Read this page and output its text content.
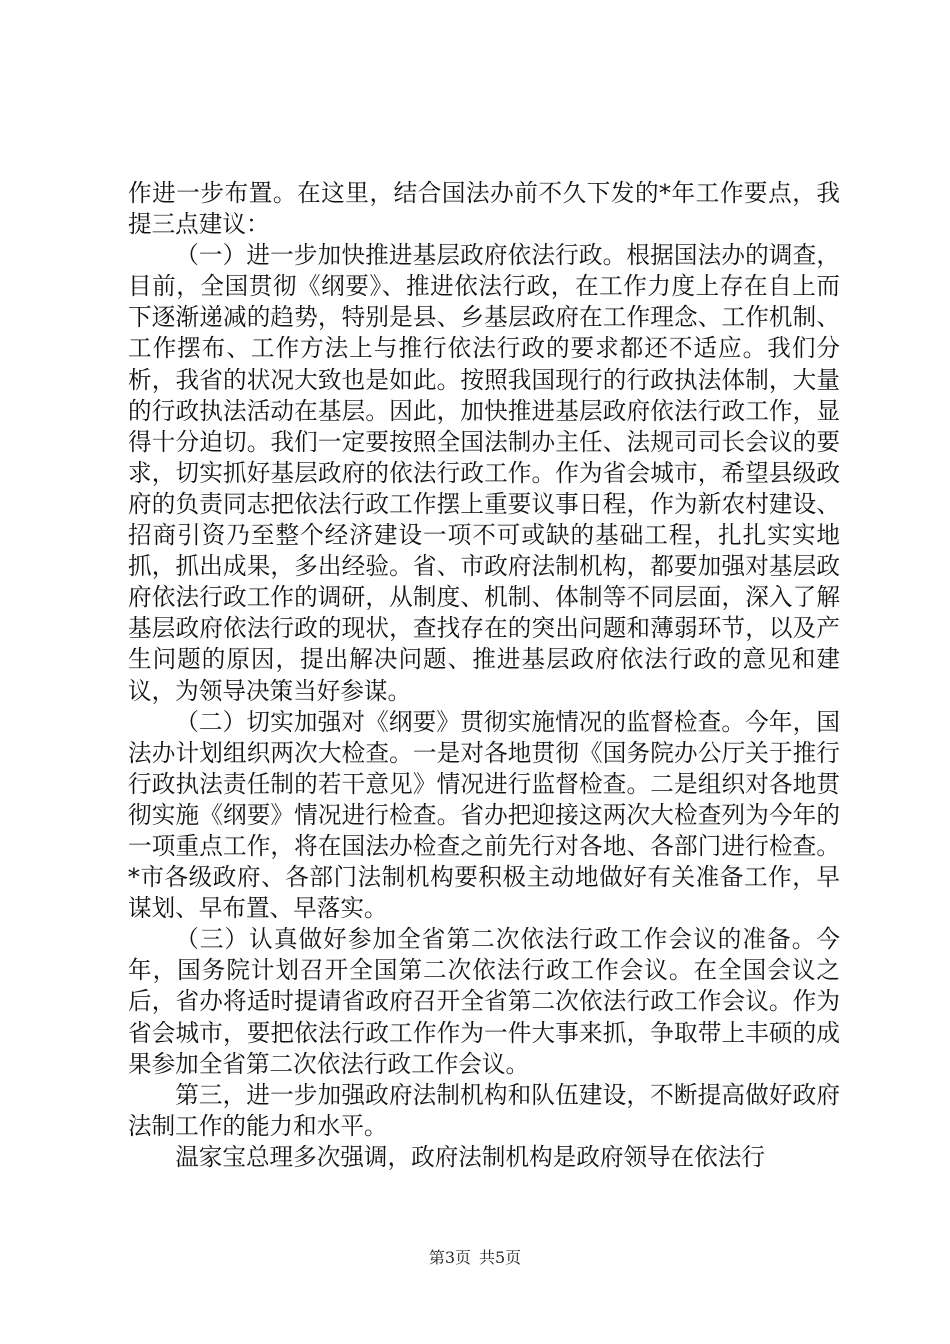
作进一步布置。在这里，结合国法办前不久下发的*年工作要点，我提三点建议：

（一）进一步加快推进基层政府依法行政。根据国法办的调查，目前，全国贯彻《纲要》、推进依法行政，在工作力度上存在自上而下逐渐递减的趋势，特别是县、乡基层政府在工作理念、工作机制、工作摆布、工作方法上与推行依法行政的要求都还不适应。我们分析，我省的状况大致也是如此。按照我国现行的行政执法体制，大量的行政执法活动在基层。因此，加快推进基层政府依法行政工作，显得十分迫切。我们一定要按照全国法制办主任、法规司司长会议的要求，切实抓好基层政府的依法行政工作。作为省会城市，希望县级政府的负责同志把依法行政工作摆上重要议事日程，作为新农村建设、招商引资乃至整个经济建设一项不可或缺的基础工程，扎扎实实地抓，抓出成果，多出经验。省、市政府法制机构，都要加强对基层政府依法行政工作的调研，从制度、机制、体制等不同层面，深入了解基层政府依法行政的现状，查找存在的突出问题和薄弱环节，以及产生问题的原因，提出解决问题、推进基层政府依法行政的意见和建议，为领导决策当好参谋。

（二）切实加强对《纲要》贯彻实施情况的监督检查。今年，国法办计划组织两次大检查。一是对各地贯彻《国务院办公厅关于推行行政执法责任制的若干意见》情况进行监督检查。二是组织对各地贯彻实施《纲要》情况进行检查。省办把迎接这两次大检查列为今年的一项重点工作，将在国法办检查之前先行对各地、各部门进行检查。*市各级政府、各部门法制机构要积极主动地做好有关准备工作，早谋划、早布置、早落实。

（三）认真做好参加全省第二次依法行政工作会议的准备。今年，国务院计划召开全国第二次依法行政工作会议。在全国会议之后，省办将适时提请省政府召开全省第二次依法行政工作会议。作为省会城市，要把依法行政工作作为一件大事来抓，争取带上丰硕的成果参加全省第二次依法行政工作会议。

第三，进一步加强政府法制机构和队伍建设，不断提高做好政府法制工作的能力和水平。

温家宝总理多次强调，政府法制机构是政府领导在依法行

第3页 共5页
